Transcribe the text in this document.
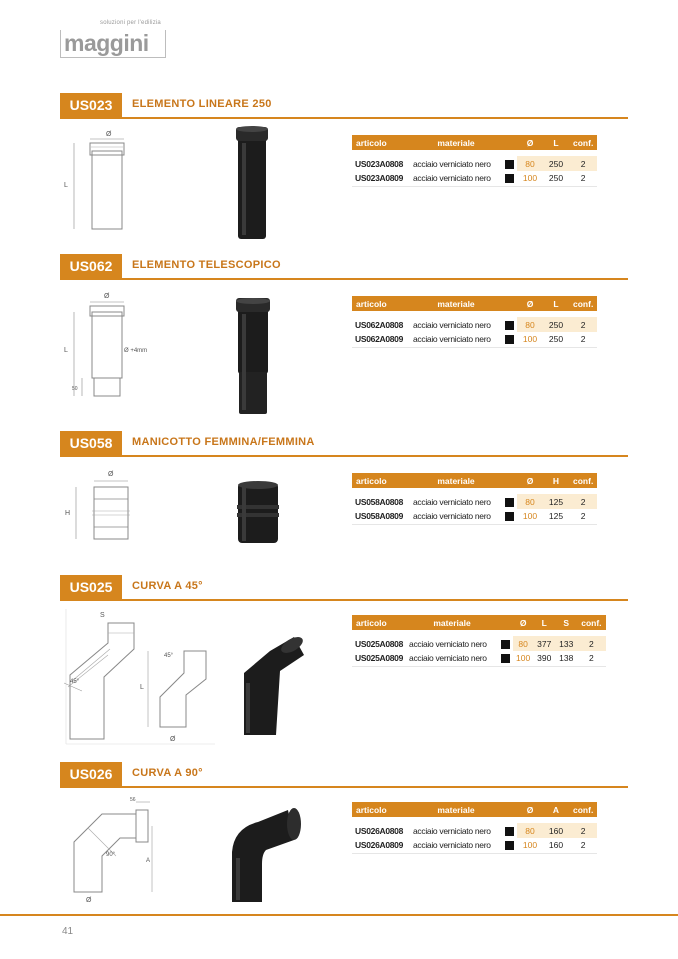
soluzioni per l'edilizia
maggini
US023	ELEMENTO LINEARE 250
Ø
L
articolo	materiale		Ø	L	conf.

US023A0808	acciaio verniciato nero		80	250	2
US023A0809	acciaio verniciato nero		100	250	2
US062	ELEMENTO TELESCOPICO
Ø
L	Ø +4mm
50
articolo	materiale		Ø	L	conf.

US062A0808	acciaio verniciato nero		80	250	2
US062A0809	acciaio verniciato nero		100	250	2
US058	MANICOTTO FEMMINA/FEMMINA
Ø
H
articolo	materiale		Ø	H	conf.

US058A0808	acciaio verniciato nero		80	125	2
US058A0809	acciaio verniciato nero		100	125	2
US025	CURVA A 45°
S
45°
45°
L
Ø
articolo	materiale		Ø	L	S	conf.

US025A0808	acciaio verniciato nero		80	377	133	2
US025A0809	acciaio verniciato nero		100	390	138	2
US026	CURVA A 90°
56
90°
A
Ø
articolo	materiale		Ø	A	conf.

US026A0808	acciaio verniciato nero		80	160	2
US026A0809	acciaio verniciato nero		100	160	2
41
